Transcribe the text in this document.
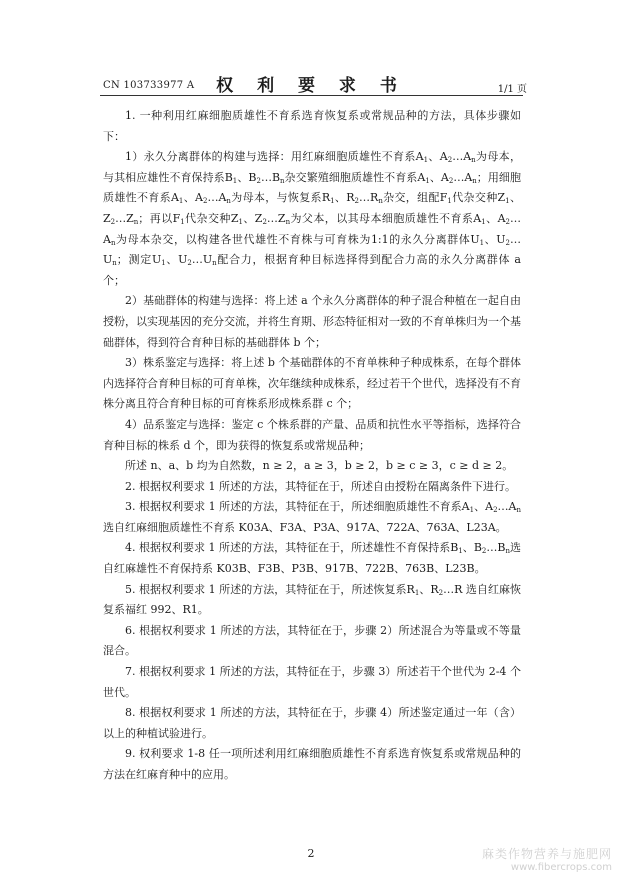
CN 103733977 A	权 利 要 求 书	1/1 页

1. 一种利用红麻细胞质雄性不育系选育恢复系或常规品种的方法，具体步骤如下：

1）永久分离群体的构建与选择：用红麻细胞质雄性不育系$A_1$、$A_2\dots A_n$为母本，与其相应雄性不育保持系$B_1$、$B_2\dots B_n$杂交繁殖细胞质雄性不育系$A_1$、$A_2\dots A_n$；用细胞质雄性不育系$A_1$、$A_2\dots A_n$为母本，与恢复系$R_1$、$R_2\dots R_n$杂交，组配$F_1$代杂交种$Z_1$、$Z_2\dots Z_n$；再以$F_1$代杂交种$Z_1$、$Z_2\dots Z_n$为父本，以其母本细胞质雄性不育系$A_1$、$A_2\dots A_n$为母本杂交，以构建各世代雄性不育株与可育株为1:1的永久分离群体$U_1$、$U_2\dots U_n$；测定$U_1$、$U_2\dots U_n$配合力，根据育种目标选择得到配合力高的永久分离群体 a 个；

2）基础群体的构建与选择：将上述 a 个永久分离群体的种子混合种植在一起自由授粉，以实现基因的充分交流，并将生育期、形态特征相对一致的不育单株归为一个基础群体，得到符合育种目标的基础群体 b 个；

3）株系鉴定与选择：将上述 b 个基础群体的不育单株种子种成株系，在每个群体内选择符合育种目标的可育单株，次年继续种成株系，经过若干个世代，选择没有不育株分离且符合育种目标的可育株系形成株系群 c 个；

4）品系鉴定与选择：鉴定 c 个株系群的产量、品质和抗性水平等指标，选择符合育种目标的株系 d 个，即为获得的恢复系或常规品种；

所述 n、a、b 均为自然数，n ≥ 2，a ≥ 3，b ≥ 2，b ≥ c ≥ 3，c ≥ d ≥ 2。

2. 根据权利要求 1 所述的方法，其特征在于，所述自由授粉在隔离条件下进行。

3. 根据权利要求 1 所述的方法，其特征在于，所述细胞质雄性不育系$A_1$、$A_2\dots A_n$选自红麻细胞质雄性不育系 K03A、F3A、P3A、917A、722A、763A、L23A。

4. 根据权利要求 1 所述的方法，其特征在于，所述雄性不育保持系$B_1$、$B_2\dots B_n$选自红麻雄性不育保持系 K03B、F3B、P3B、917B、722B、763B、L23B。

5. 根据权利要求 1 所述的方法，其特征在于，所述恢复系$R_1$、$R_2\dots R$ 选自红麻恢复系福红 992、R1。

6. 根据权利要求 1 所述的方法，其特征在于，步骤 2）所述混合为等量或不等量混合。

7. 根据权利要求 1 所述的方法，其特征在于，步骤 3）所述若干个世代为 2-4 个世代。

8. 根据权利要求 1 所述的方法，其特征在于，步骤 4）所述鉴定通过一年（含）以上的种植试验进行。

9. 权利要求 1-8 任一项所述利用红麻细胞质雄性不育系选育恢复系或常规品种的方法在红麻育种中的应用。

2	麻类作物营养与施肥网
www.fibercrops.com
